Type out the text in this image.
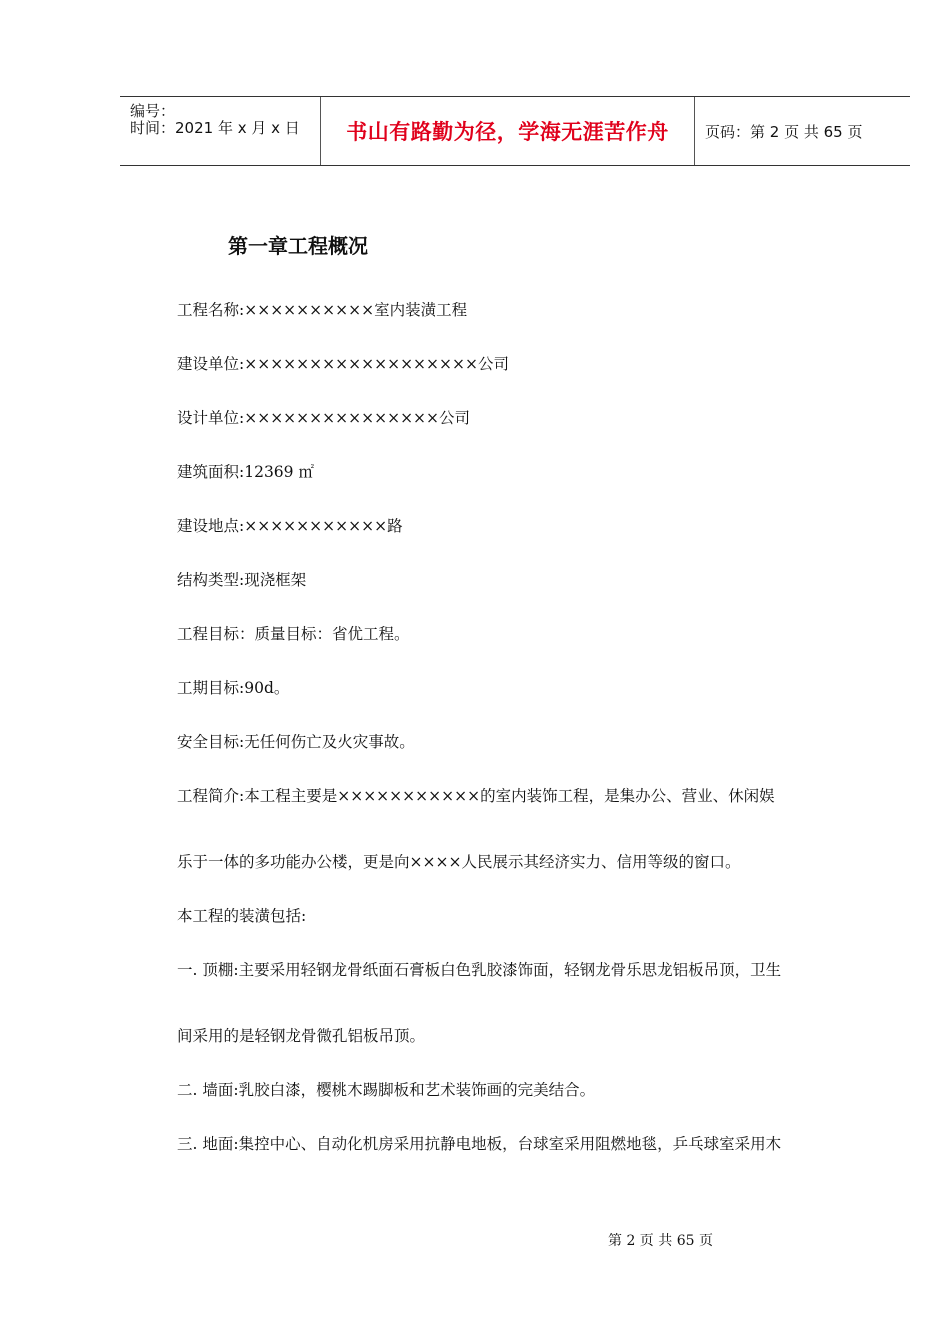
编号：
时间：2021 年 x 月 x 日	书山有路勤为径，学海无涯苦作舟	页码：第 2 页 共 65 页
第一章工程概况
工程名称:××××××××××室内装潢工程
建设单位:××××××××××××××××××公司
设计单位:×××××××××××××××公司
建筑面积:12369 ㎡
建设地点:×××××××××××路
结构类型:现浇框架
工程目标：质量目标：省优工程。
工期目标:90d。
安全目标:无任何伤亡及火灾事故。
工程简介:本工程主要是×××××××××××的室内装饰工程，是集办公、营业、休闲娱
乐于一体的多功能办公楼，更是向××××人民展示其经济实力、信用等级的窗口。
本工程的装潢包括:
一. 顶棚:主要采用轻钢龙骨纸面石膏板白色乳胶漆饰面，轻钢龙骨乐思龙铝板吊顶，卫生
间采用的是轻钢龙骨微孔铝板吊顶。
二. 墙面:乳胶白漆，樱桃木踢脚板和艺术装饰画的完美结合。
三. 地面:集控中心、自动化机房采用抗静电地板，台球室采用阻燃地毯，乒乓球室采用木
第 2 页 共 65 页
